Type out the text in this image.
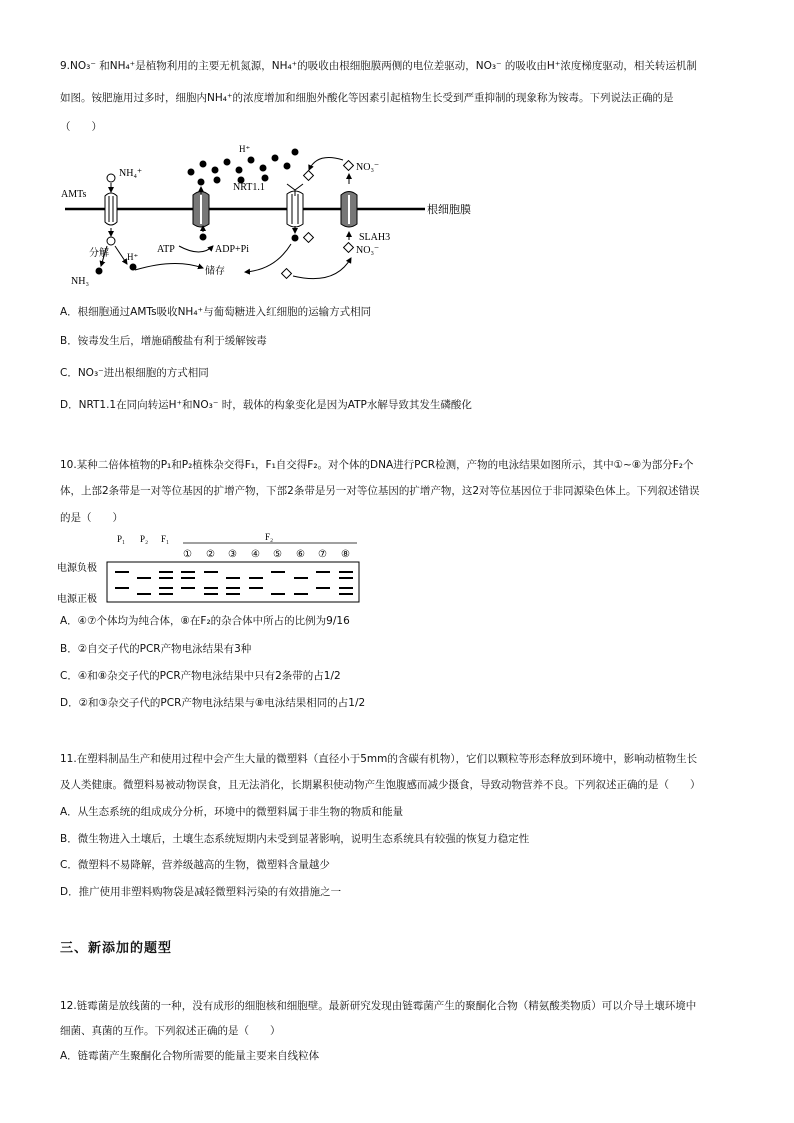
9.NO₃⁻ 和NH₄⁺是植物利用的主要无机氮源，NH₄⁺的吸收由根细胞膜两侧的电位差驱动，NO₃⁻ 的吸收由H⁺浓度梯度驱动，相关转运机制
如图。铵肥施用过多时，细胞内NH₄⁺的浓度增加和细胞外酸化等因素引起植物生长受到严重抑制的现象称为铵毒。下列说法正确的是
（　　）
根细胞膜
AMTs
NH₄⁺
分解
NH₃
H⁺
ATP	ADP+Pi
储存
H⁺
NRT1.1
NO₃⁻
SLAH3
NO₃⁻
A．根细胞通过AMTs吸收NH₄⁺与葡萄糖进入红细胞的运输方式相同
B．铵毒发生后，增施硝酸盐有利于缓解铵毒
C．NO₃⁻进出根细胞的方式相同
D．NRT1.1在同向转运H⁺和NO₃⁻ 时，载体的构象变化是因为ATP水解导致其发生磷酸化
10.某种二倍体植物的P₁和P₂植株杂交得F₁，F₁自交得F₂。对个体的DNA进行PCR检测，产物的电泳结果如图所示，其中①~⑧为部分F₂个
体，上部2条带是一对等位基因的扩增产物，下部2条带是另一对等位基因的扩增产物，这2对等位基因位于非同源染色体上。下列叙述错误
的是（　　）
P₁ P₂ F₁	F₂
① ② ③ ④ ⑤ ⑥ ⑦ ⑧
电源负极
电源正极
A．④⑦个体均为纯合体，⑧在F₂的杂合体中所占的比例为9/16
B．②自交子代的PCR产物电泳结果有3种
C．④和⑧杂交子代的PCR产物电泳结果中只有2条带的占1/2
D．②和③杂交子代的PCR产物电泳结果与⑧电泳结果相同的占1/2
11.在塑料制品生产和使用过程中会产生大量的微塑料（直径小于5mm的含碳有机物），它们以颗粒等形态释放到环境中，影响动植物生长
及人类健康。微塑料易被动物误食，且无法消化，长期累积使动物产生饱腹感而减少摄食，导致动物营养不良。下列叙述正确的是（　　）
A．从生态系统的组成成分分析，环境中的微塑料属于非生物的物质和能量
B．微生物进入土壤后，土壤生态系统短期内未受到显著影响，说明生态系统具有较强的恢复力稳定性
C．微塑料不易降解，营养级越高的生物，微塑料含量越少
D．推广使用非塑料购物袋是减轻微塑料污染的有效措施之一
三、新添加的题型
12.链霉菌是放线菌的一种，没有成形的细胞核和细胞壁。最新研究发现由链霉菌产生的聚酮化合物（精氨酸类物质）可以介导土壤环境中
细菌、真菌的互作。下列叙述正确的是（　　）
A．链霉菌产生聚酮化合物所需要的能量主要来自线粒体
